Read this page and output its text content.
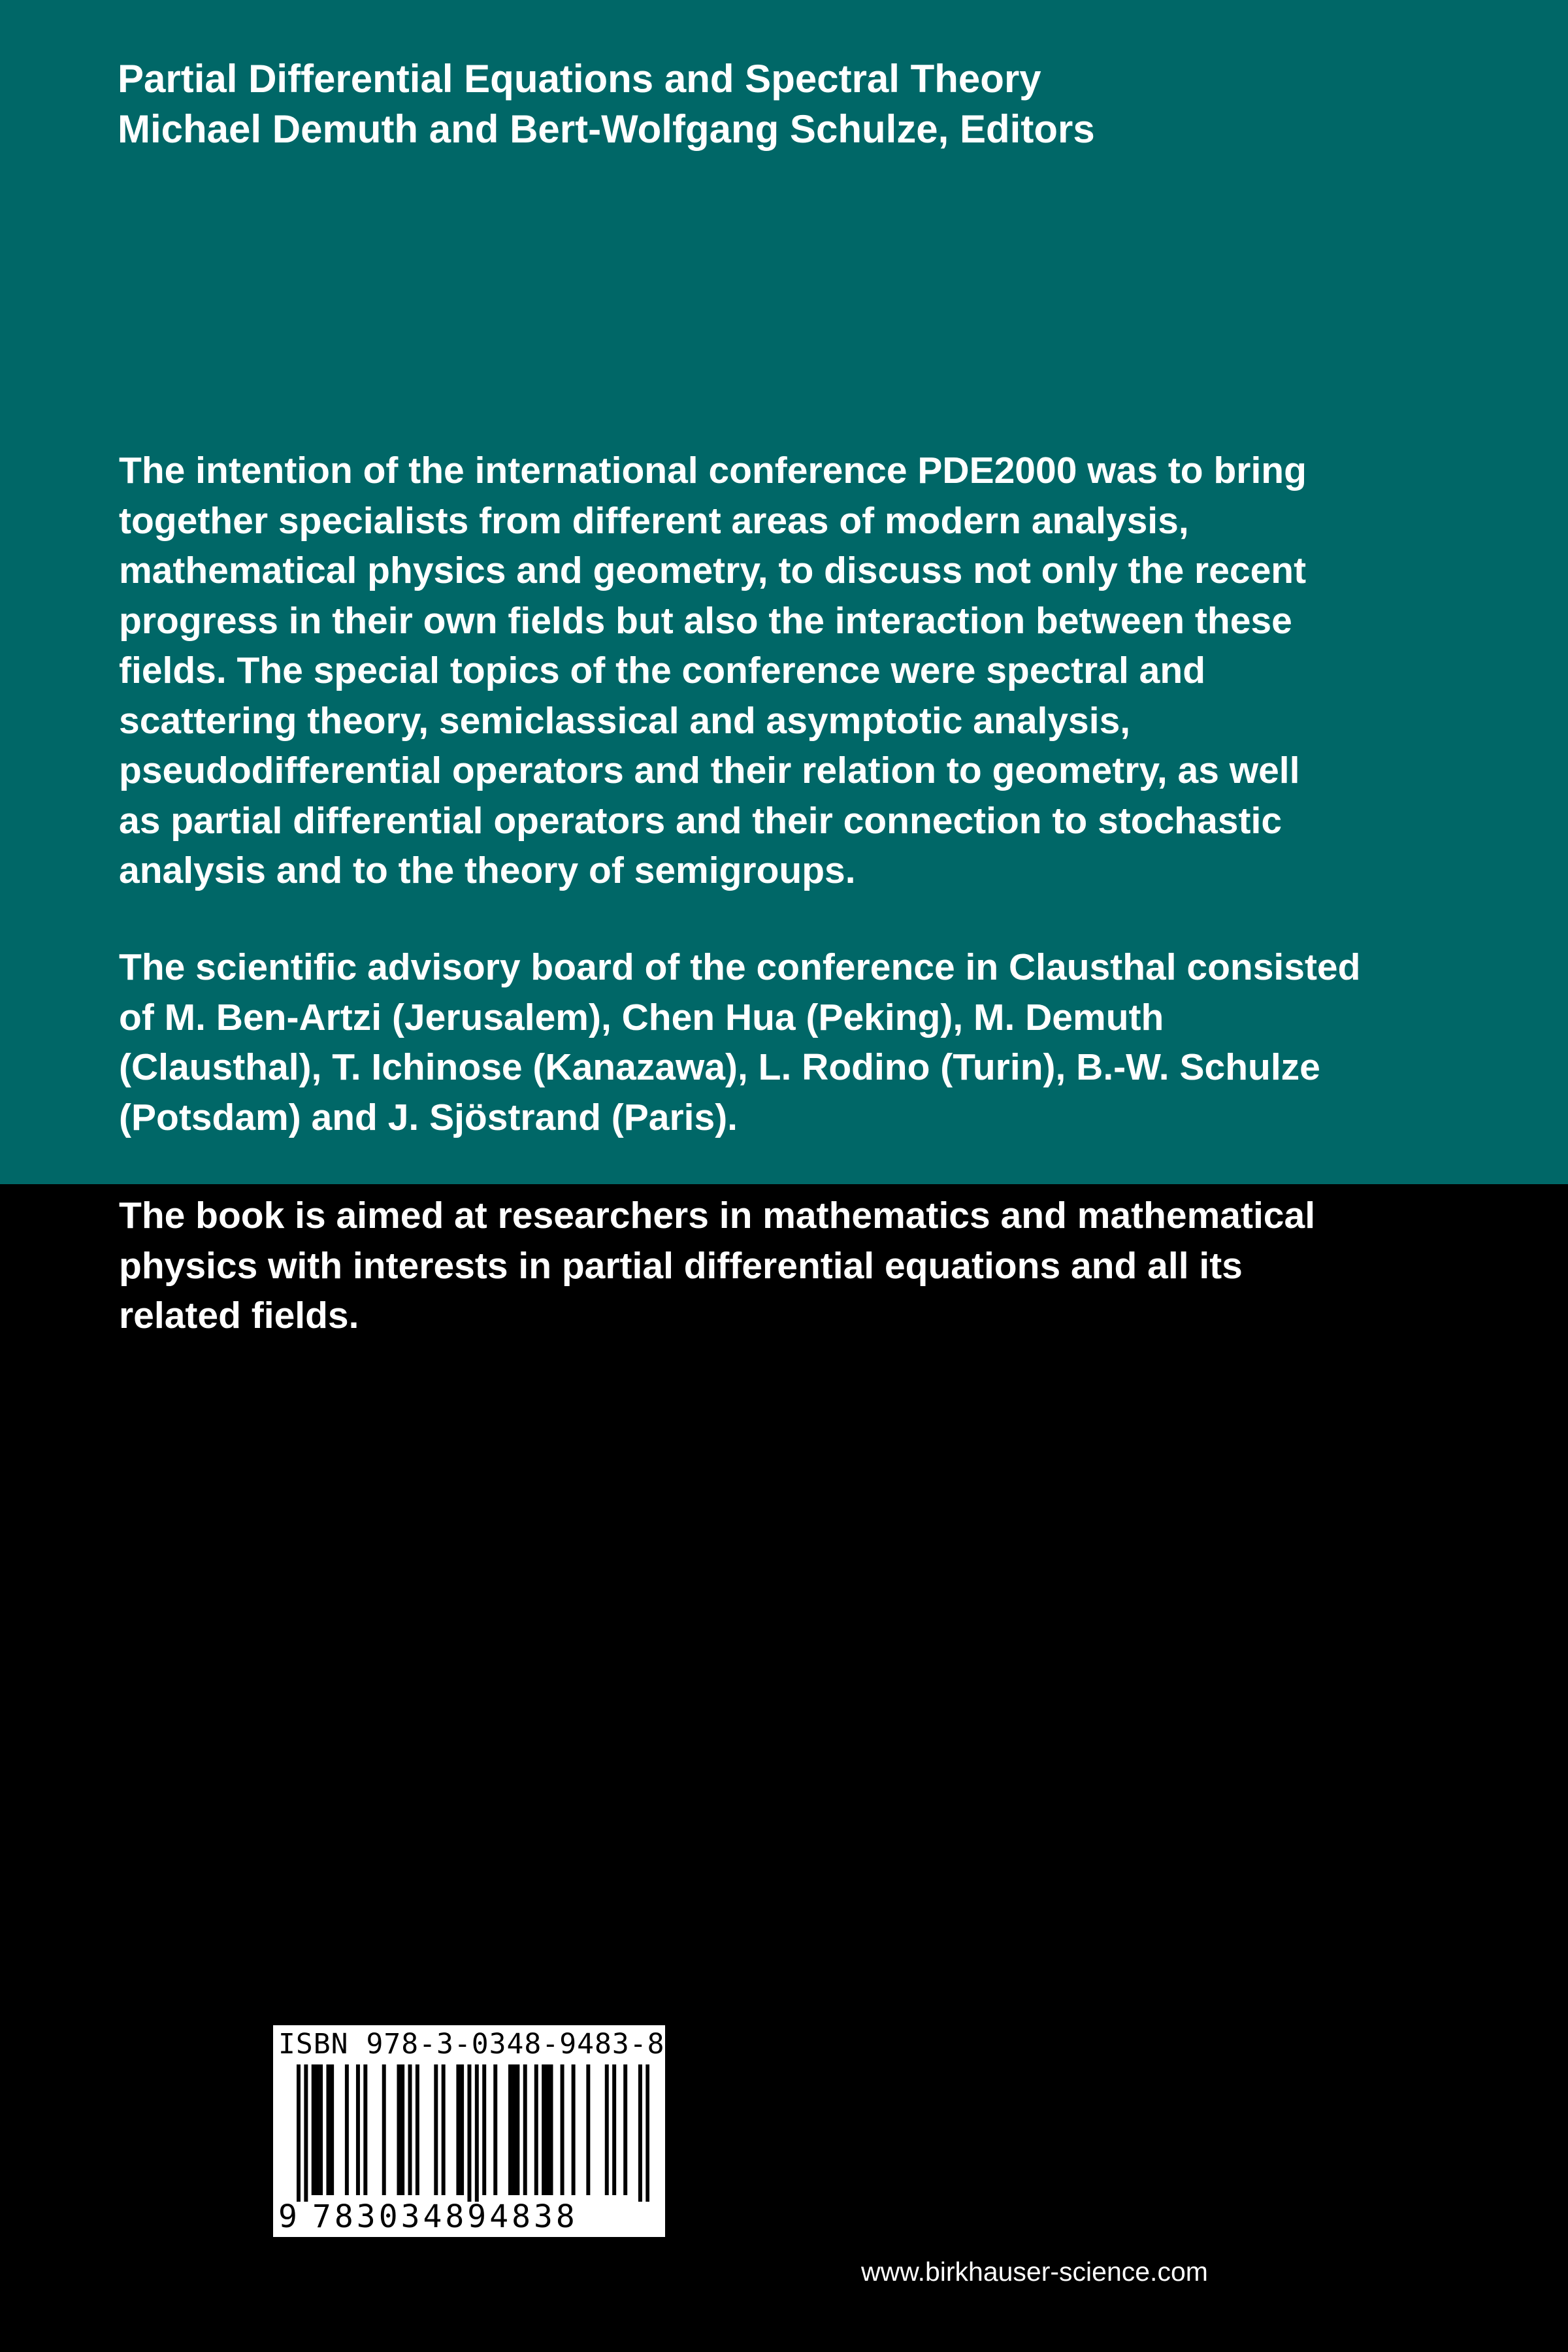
Partial Differential Equations and Spectral Theory
Michael Demuth and Bert-Wolfgang Schulze, Editors
The intention of the international conference PDE2000 was to bring
together specialists from different areas of modern analysis,
mathematical physics and geometry, to discuss not only the recent
progress in their own fields but also the interaction between these
fields. The special topics of the conference were spectral and
scattering theory, semiclassical and asymptotic analysis,
pseudodifferential operators and their relation to geometry, as well
as partial differential operators and their connection to stochastic
analysis and to the theory of semigroups.
The scientific advisory board of the conference in Clausthal consisted
of M. Ben-Artzi (Jerusalem), Chen Hua (Peking), M. Demuth
(Clausthal), T. Ichinose (Kanazawa), L. Rodino (Turin), B.-W. Schulze
(Potsdam) and J. Sjöstrand (Paris).
The book is aimed at researchers in mathematics and mathematical
physics with interests in partial differential equations and all its
related fields.
ISBN 978-3-0348-9483-8
9 783034894838
www.birkhauser-science.com
